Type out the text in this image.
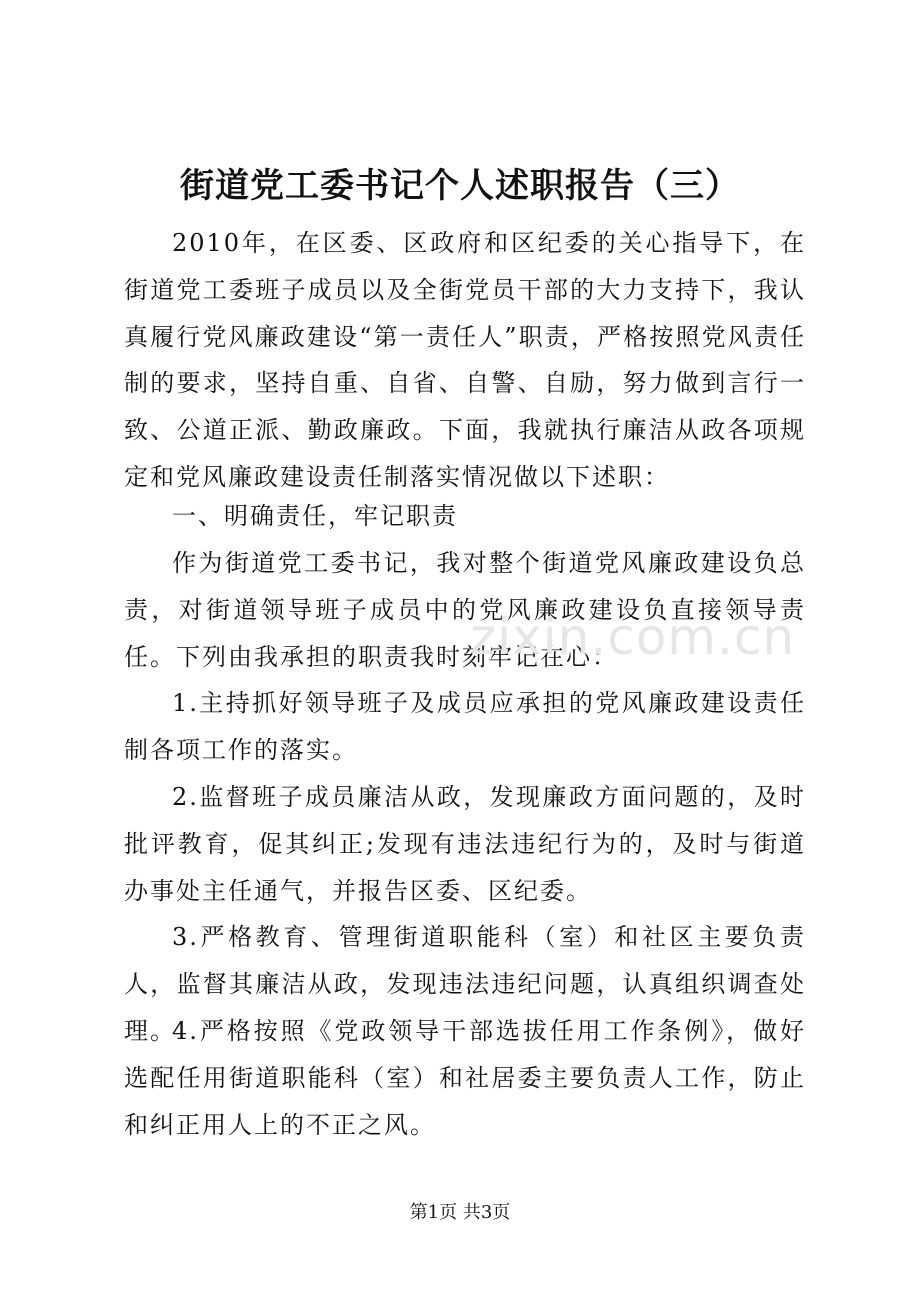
街道党工委书记个人述职报告（三）
2010年，在区委、区政府和区纪委的关心指导下，在街道党工委班子成员以及全街党员干部的大力支持下，我认真履行党风廉政建设“第一责任人”职责，严格按照党风责任制的要求，坚持自重、自省、自警、自励，努力做到言行一致、公道正派、勤政廉政。下面，我就执行廉洁从政各项规定和党风廉政建设责任制落实情况做以下述职：
一、明确责任，牢记职责
作为街道党工委书记，我对整个街道党风廉政建设负总责，对街道领导班子成员中的党风廉政建设负直接领导责任。下列由我承担的职责我时刻牢记在心：
1.主持抓好领导班子及成员应承担的党风廉政建设责任制各项工作的落实。
2.监督班子成员廉洁从政，发现廉政方面问题的，及时批评教育，促其纠正;发现有违法违纪行为的，及时与街道办事处主任通气，并报告区委、区纪委。
3.严格教育、管理街道职能科（室）和社区主要负责人，监督其廉洁从政，发现违法违纪问题，认真组织调查处理。
4.严格按照《党政领导干部选拔任用工作条例》，做好选配任用街道职能科（室）和社居委主要负责人工作，防止和纠正用人上的不正之风。
zixin.com.cn
第1页 共3页
